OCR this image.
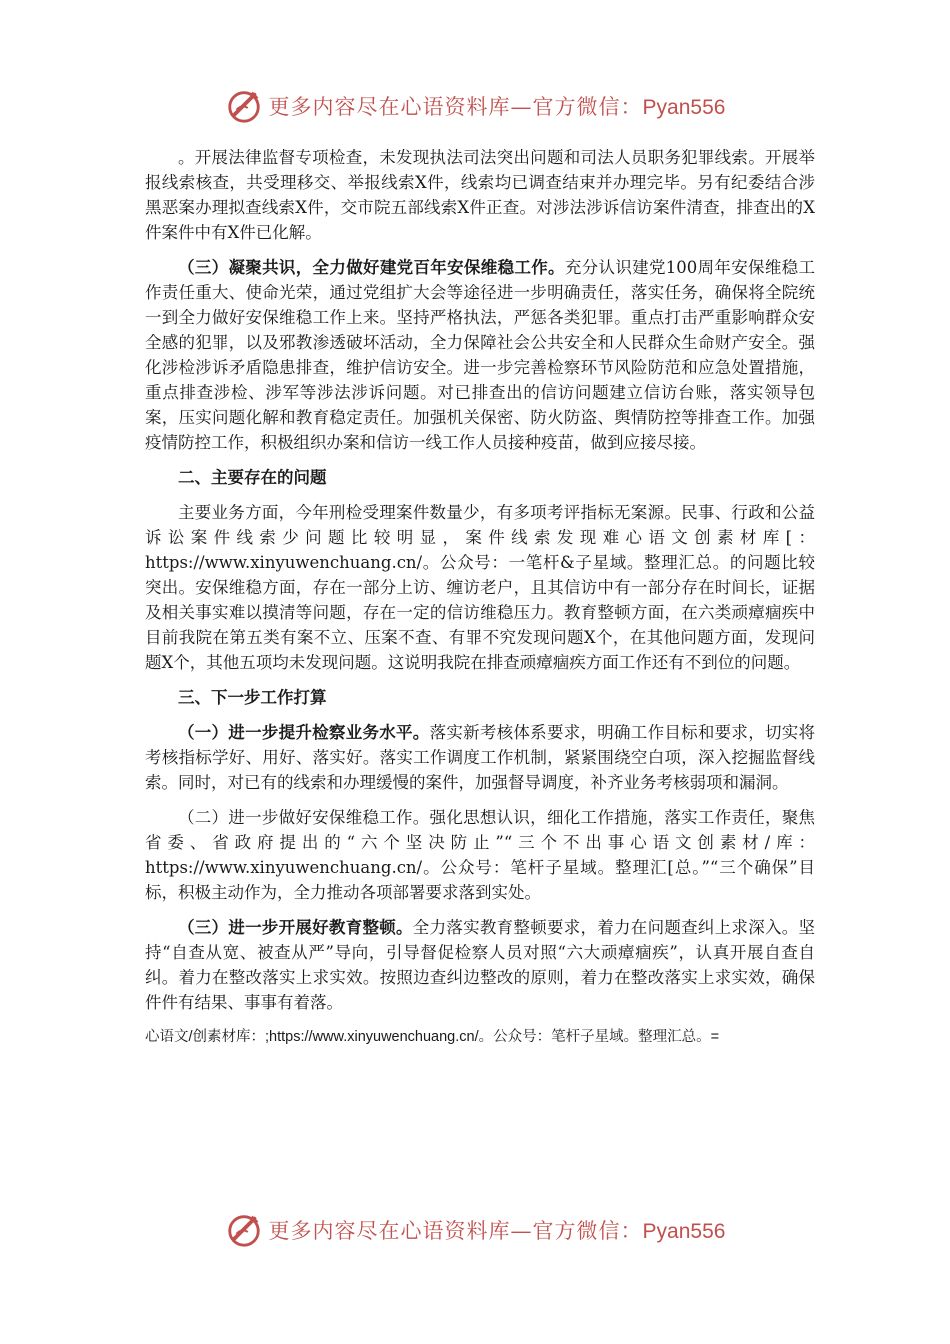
更多内容尽在心语资料库—官方微信：Pyan556

。开展法律监督专项检查，未发现执法司法突出问题和司法人员职务犯罪线索。开展举报线索核查，共受理移交、举报线索X件，线索均已调查结束并办理完毕。另有纪委结合涉黑恶案办理拟查线索X件，交市院五部线索X件正查。对涉法涉诉信访案件清查，排查出的X件案件中有X件已化解。

（三）凝聚共识，全力做好建党百年安保维稳工作。充分认识建党100周年安保维稳工作责任重大、使命光荣，通过党组扩大会等途径进一步明确责任，落实任务，确保将全院统一到全力做好安保维稳工作上来。坚持严格执法，严惩各类犯罪。重点打击严重影响群众安全感的犯罪，以及邪教渗透破坏活动，全力保障社会公共安全和人民群众生命财产安全。强化涉检涉诉矛盾隐患排查，维护信访安全。进一步完善检察环节风险防范和应急处置措施，重点排查涉检、涉军等涉法涉诉问题。对已排查出的信访问题建立信访台账，落实领导包案，压实问题化解和教育稳定责任。加强机关保密、防火防盗、舆情防控等排查工作。加强疫情防控工作，积极组织办案和信访一线工作人员接种疫苗，做到应接尽接。

二、主要存在的问题

主要业务方面，今年刑检受理案件数量少，有多项考评指标无案源。民事、行政和公益诉讼案件线索少问题比较明显，案件线索发现难心语文创素材库[：https://www.xinyuwenchuang.cn/。公众号：一笔杆&子星域。整理汇总。的问题比较突出。安保维稳方面，存在一部分上访、缠访老户，且其信访中有一部分存在时间长，证据及相关事实难以摸清等问题，存在一定的信访维稳压力。教育整顿方面，在六类顽瘴痼疾中目前我院在第五类有案不立、压案不查、有罪不究发现问题X个，在其他问题方面，发现问题X个，其他五项均未发现问题。这说明我院在排查顽瘴痼疾方面工作还有不到位的问题。

三、下一步工作打算

（一）进一步提升检察业务水平。落实新考核体系要求，明确工作目标和要求，切实将考核指标学好、用好、落实好。落实工作调度工作机制，紧紧围绕空白项，深入挖掘监督线索。同时，对已有的线索和办理缓慢的案件，加强督导调度，补齐业务考核弱项和漏洞。

（二）进一步做好安保维稳工作。强化思想认识，细化工作措施，落实工作责任，聚焦省委、省政府提出的“六个坚决防止”“三个不出事心语文创素材/库：https://www.xinyuwenchuang.cn/。公众号：笔杆子星域。整理汇[总。”“三个确保”目标，积极主动作为，全力推动各项部署要求落到实处。

（三）进一步开展好教育整顿。全力落实教育整顿要求，着力在问题查纠上求深入。坚持“自查从宽、被查从严”导向，引导督促检察人员对照“六大顽瘴痼疾”，认真开展自查自纠。着力在整改落实上求实效。按照边查纠边整改的原则，着力在整改落实上求实效，确保件件有结果、事事有着落。

心语文/创素材库：;https://www.xinyuwenchuang.cn/。公众号：笔杆子星域。整理汇总。=

更多内容尽在心语资料库—官方微信：Pyan556
